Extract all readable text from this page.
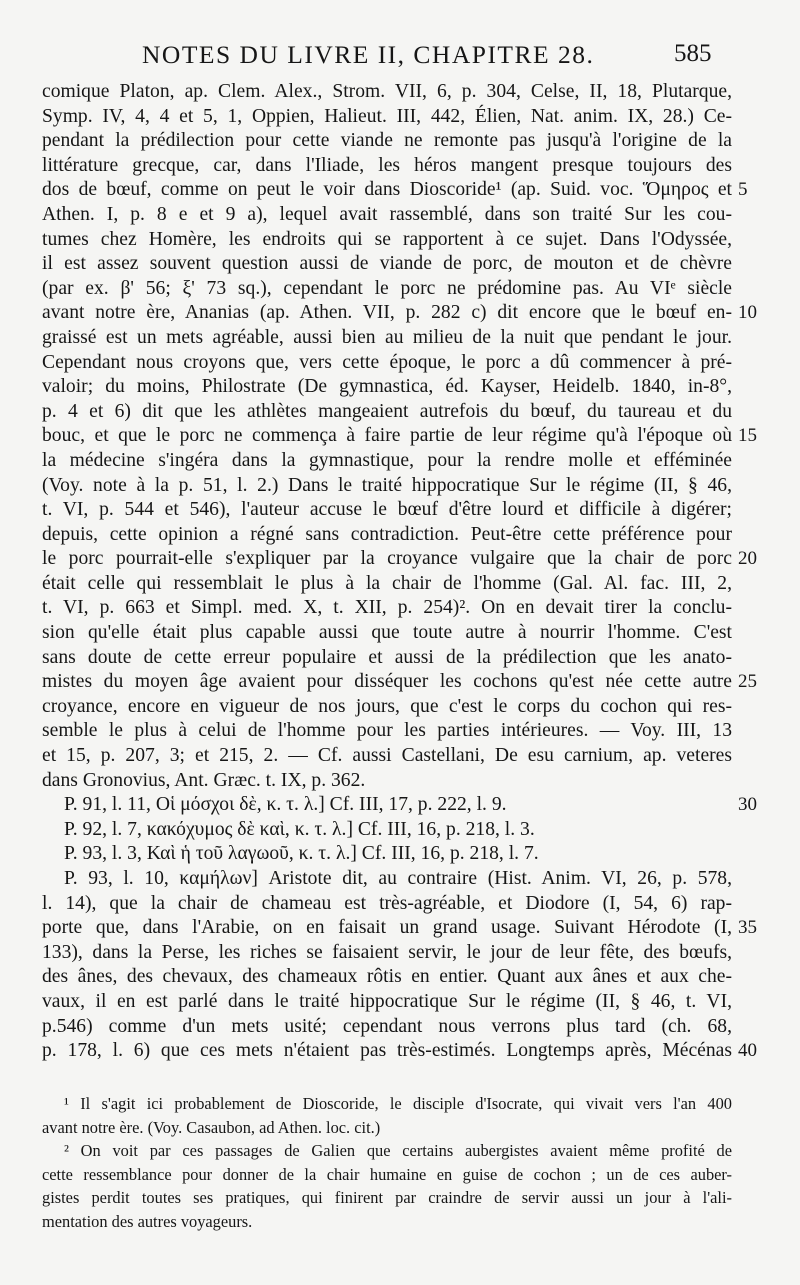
NOTES DU LIVRE II, CHAPITRE 28.	585
comique Platon, ap. Clem. Alex., Strom. VII, 6, p. 304, Celse, II, 18, Plutarque,
Symp. IV, 4, 4 et 5, 1, Oppien, Halieut. III, 442, Élien, Nat. anim. IX, 28.) Ce-
pendant la prédilection pour cette viande ne remonte pas jusqu'à l'origine de la
littérature grecque, car, dans l'Iliade, les héros mangent presque toujours des
dos de bœuf, comme on peut le voir dans Dioscoride¹ (ap. Suid. voc. Ὅμηρος et
Athen. I, p. 8 e et 9 a), lequel avait rassemblé, dans son traité Sur les cou-
tumes chez Homère, les endroits qui se rapportent à ce sujet. Dans l'Odyssée,
il est assez souvent question aussi de viande de porc, de mouton et de chèvre
(par ex. β' 56; ξ' 73 sq.), cependant le porc ne prédomine pas. Au VIᵉ siècle
avant notre ère, Ananias (ap. Athen. VII, p. 282 c) dit encore que le bœuf en-
graissé est un mets agréable, aussi bien au milieu de la nuit que pendant le jour.
Cependant nous croyons que, vers cette époque, le porc a dû commencer à pré-
valoir; du moins, Philostrate (De gymnastica, éd. Kayser, Heidelb. 1840, in-8°,
p. 4 et 6) dit que les athlètes mangeaient autrefois du bœuf, du taureau et du
bouc, et que le porc ne commença à faire partie de leur régime qu'à l'époque où
la médecine s'ingéra dans la gymnastique, pour la rendre molle et efféminée
(Voy. note à la p. 51, l. 2.) Dans le traité hippocratique Sur le régime (II, § 46,
t. VI, p. 544 et 546), l'auteur accuse le bœuf d'être lourd et difficile à digérer;
depuis, cette opinion a régné sans contradiction. Peut-être cette préférence pour
le porc pourrait-elle s'expliquer par la croyance vulgaire que la chair de porc
était celle qui ressemblait le plus à la chair de l'homme (Gal. Al. fac. III, 2,
t. VI, p. 663 et Simpl. med. X, t. XII, p. 254)². On en devait tirer la conclu-
sion qu'elle était plus capable aussi que toute autre à nourrir l'homme. C'est
sans doute de cette erreur populaire et aussi de la prédilection que les anato-
mistes du moyen âge avaient pour disséquer les cochons qu'est née cette autre
croyance, encore en vigueur de nos jours, que c'est le corps du cochon qui res-
semble le plus à celui de l'homme pour les parties intérieures. — Voy. III, 13
et 15, p. 207, 3; et 215, 2. — Cf. aussi Castellani, De esu carnium, ap. veteres
dans Gronovius, Ant. Græc. t. IX, p. 362.
P. 91, l. 11, Οἱ μόσχοι δὲ, κ. τ. λ.] Cf. III, 17, p. 222, l. 9.
P. 92, l. 7, κακόχυμος δὲ καὶ, κ. τ. λ.] Cf. III, 16, p. 218, l. 3.
P. 93, l. 3, Καὶ ἡ τοῦ λαγωοῦ, κ. τ. λ.] Cf. III, 16, p. 218, l. 7.
P. 93, l. 10, καμήλων] Aristote dit, au contraire (Hist. Anim. VI, 26, p. 578,
l. 14), que la chair de chameau est très-agréable, et Diodore (I, 54, 6) rap-
porte que, dans l'Arabie, on en faisait un grand usage. Suivant Hérodote (I,
133), dans la Perse, les riches se faisaient servir, le jour de leur fête, des bœufs,
des ânes, des chevaux, des chameaux rôtis en entier. Quant aux ânes et aux che-
vaux, il en est parlé dans le traité hippocratique Sur le régime (II, § 46, t. VI,
p.546) comme d'un mets usité; cependant nous verrons plus tard (ch. 68,
p. 178, l. 6) que ces mets n'étaient pas très-estimés. Longtemps après, Mécénas
5
10
15
20
25
30
35
40
¹ Il s'agit ici probablement de Dioscoride, le disciple d'Isocrate, qui vivait vers l'an 400
avant notre ère. (Voy. Casaubon, ad Athen. loc. cit.)
² On voit par ces passages de Galien que certains aubergistes avaient même profité de
cette ressemblance pour donner de la chair humaine en guise de cochon ; un de ces auber-
gistes perdit toutes ses pratiques, qui finirent par craindre de servir aussi un jour à l'ali-
mentation des autres voyageurs.
